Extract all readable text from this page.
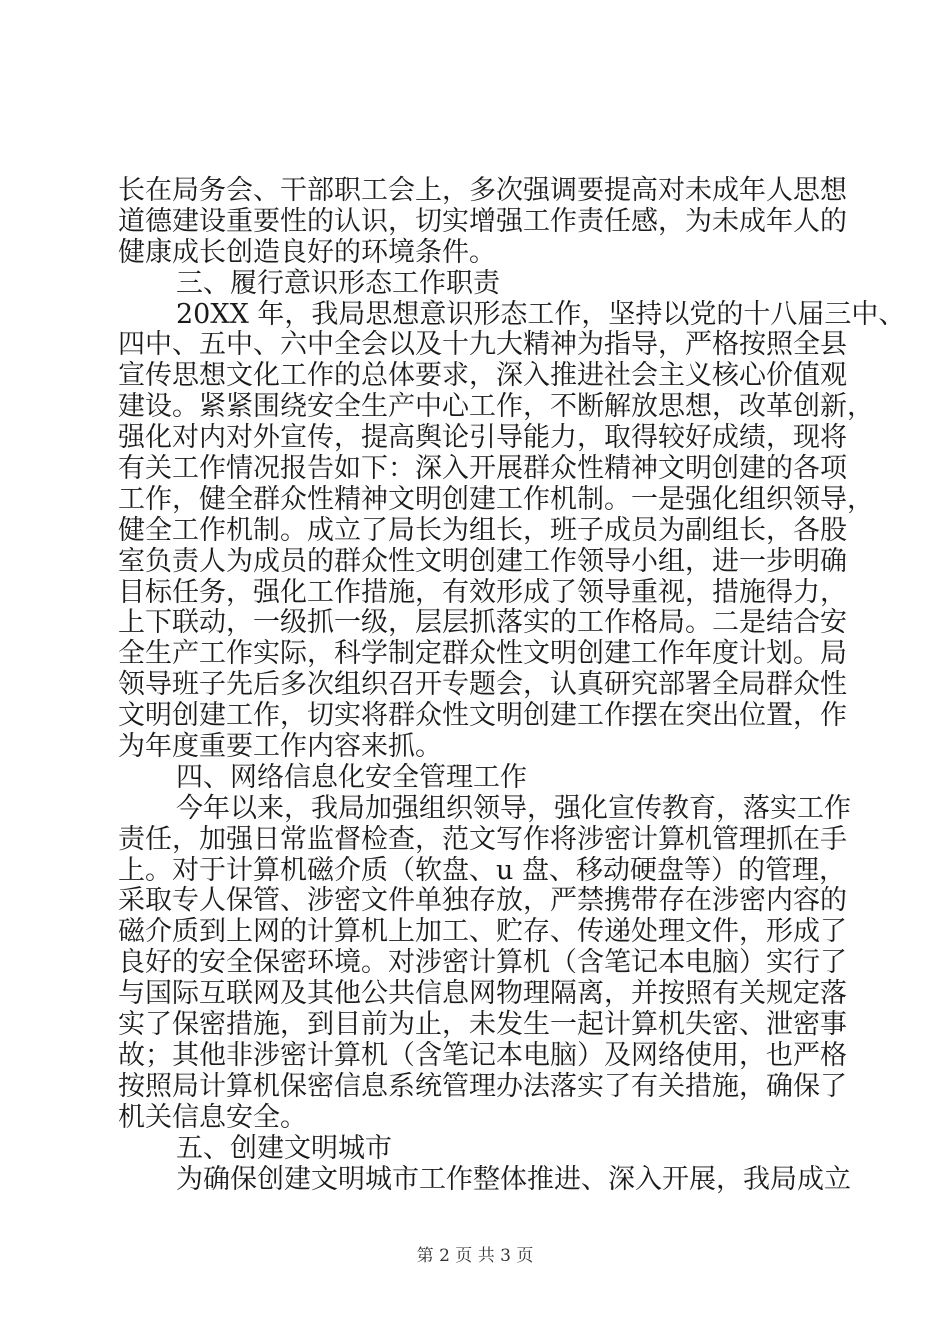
长在局务会、干部职工会上，多次强调要提高对未成年人思想
道德建设重要性的认识，切实增强工作责任感，为未成年人的
健康成长创造良好的环境条件。
三、履行意识形态工作职责
20XX 年，我局思想意识形态工作，坚持以党的十八届三中、
四中、五中、六中全会以及十九大精神为指导，严格按照全县
宣传思想文化工作的总体要求，深入推进社会主义核心价值观
建设。紧紧围绕安全生产中心工作，不断解放思想，改革创新，
强化对内对外宣传，提高舆论引导能力，取得较好成绩，现将
有关工作情况报告如下：深入开展群众性精神文明创建的各项
工作，健全群众性精神文明创建工作机制。一是强化组织领导，
健全工作机制。成立了局长为组长，班子成员为副组长，各股
室负责人为成员的群众性文明创建工作领导小组，进一步明确
目标任务，强化工作措施，有效形成了领导重视，措施得力，
上下联动，一级抓一级，层层抓落实的工作格局。二是结合安
全生产工作实际，科学制定群众性文明创建工作年度计划。局
领导班子先后多次组织召开专题会，认真研究部署全局群众性
文明创建工作，切实将群众性文明创建工作摆在突出位置，作
为年度重要工作内容来抓。
四、网络信息化安全管理工作
今年以来，我局加强组织领导，强化宣传教育，落实工作
责任，加强日常监督检查，范文写作将涉密计算机管理抓在手
上。对于计算机磁介质（软盘、u 盘、移动硬盘等）的管理，
采取专人保管、涉密文件单独存放，严禁携带存在涉密内容的
磁介质到上网的计算机上加工、贮存、传递处理文件，形成了
良好的安全保密环境。对涉密计算机（含笔记本电脑）实行了
与国际互联网及其他公共信息网物理隔离，并按照有关规定落
实了保密措施，到目前为止，未发生一起计算机失密、泄密事
故；其他非涉密计算机（含笔记本电脑）及网络使用，也严格
按照局计算机保密信息系统管理办法落实了有关措施，确保了
机关信息安全。
五、创建文明城市
为确保创建文明城市工作整体推进、深入开展，我局成立
第 2 页 共 3 页
